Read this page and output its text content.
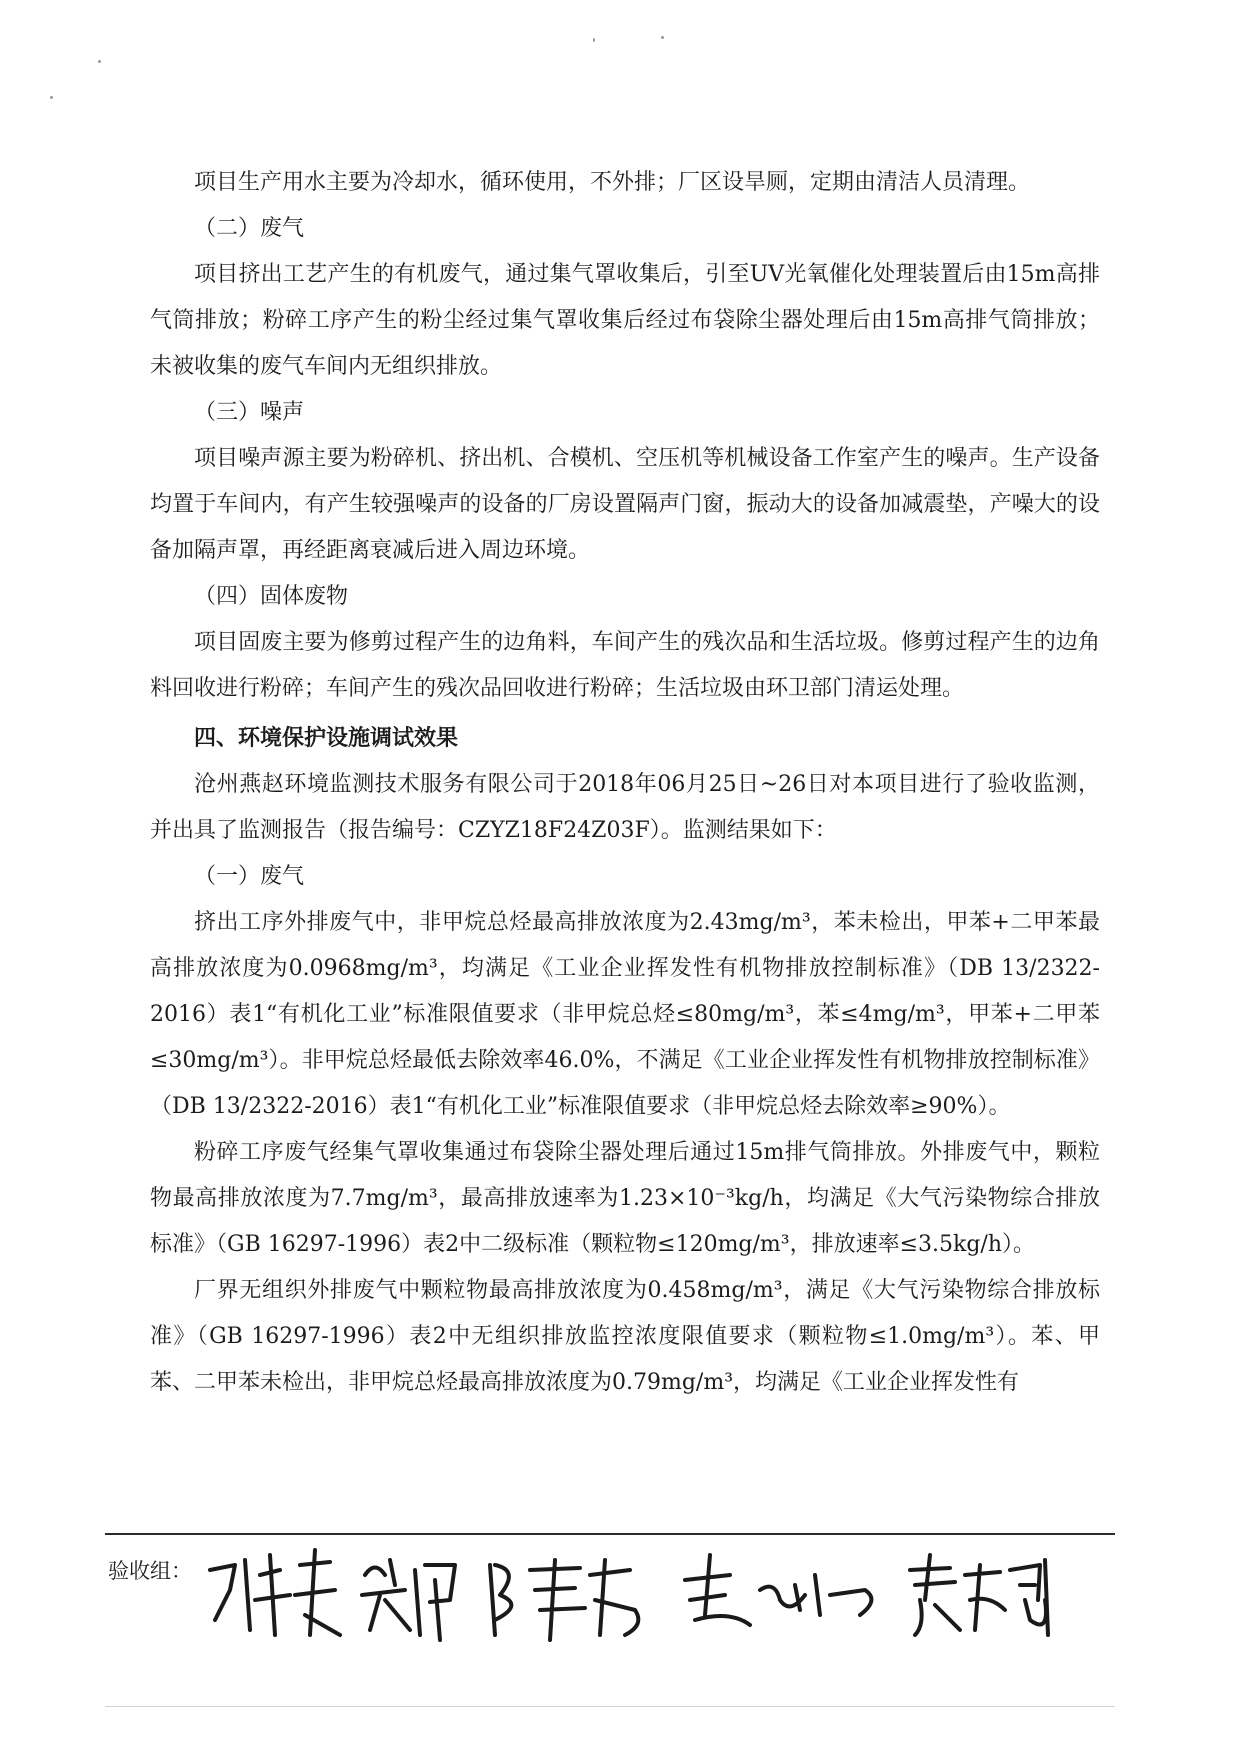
项目生产用水主要为冷却水，循环使用，不外排；厂区设旱厕，定期由清洁人员清理。

（二）废气

项目挤出工艺产生的有机废气，通过集气罩收集后，引至UV光氧催化处理装置后由15m高排气筒排放；粉碎工序产生的粉尘经过集气罩收集后经过布袋除尘器处理后由15m高排气筒排放；未被收集的废气车间内无组织排放。

（三）噪声

项目噪声源主要为粉碎机、挤出机、合模机、空压机等机械设备工作室产生的噪声。生产设备均置于车间内，有产生较强噪声的设备的厂房设置隔声门窗，振动大的设备加减震垫，产噪大的设备加隔声罩，再经距离衰减后进入周边环境。

（四）固体废物

项目固废主要为修剪过程产生的边角料，车间产生的残次品和生活垃圾。修剪过程产生的边角料回收进行粉碎；车间产生的残次品回收进行粉碎；生活垃圾由环卫部门清运处理。

四、环境保护设施调试效果

沧州燕赵环境监测技术服务有限公司于2018年06月25日~26日对本项目进行了验收监测，并出具了监测报告（报告编号：CZYZ18F24Z03F）。监测结果如下：

（一）废气

挤出工序外排废气中，非甲烷总烃最高排放浓度为2.43mg/m³，苯未检出，甲苯+二甲苯最高排放浓度为0.0968mg/m³，均满足《工业企业挥发性有机物排放控制标准》（DB 13/2322-2016）表1“有机化工业”标准限值要求（非甲烷总烃≤80mg/m³，苯≤4mg/m³，甲苯+二甲苯≤30mg/m³）。非甲烷总烃最低去除效率46.0%，不满足《工业企业挥发性有机物排放控制标准》（DB 13/2322-2016）表1“有机化工业”标准限值要求（非甲烷总烃去除效率≥90%）。

粉碎工序废气经集气罩收集通过布袋除尘器处理后通过15m排气筒排放。外排废气中，颗粒物最高排放浓度为7.7mg/m³，最高排放速率为1.23×10⁻³kg/h，均满足《大气污染物综合排放标准》（GB 16297-1996）表2中二级标准（颗粒物≤120mg/m³，排放速率≤3.5kg/h）。

厂界无组织外排废气中颗粒物最高排放浓度为0.458mg/m³，满足《大气污染物综合排放标准》（GB 16297-1996）表2中无组织排放监控浓度限值要求（颗粒物≤1.0mg/m³）。苯、甲苯、二甲苯未检出，非甲烷总烃最高排放浓度为0.79mg/m³，均满足《工业企业挥发性有

验收组：
